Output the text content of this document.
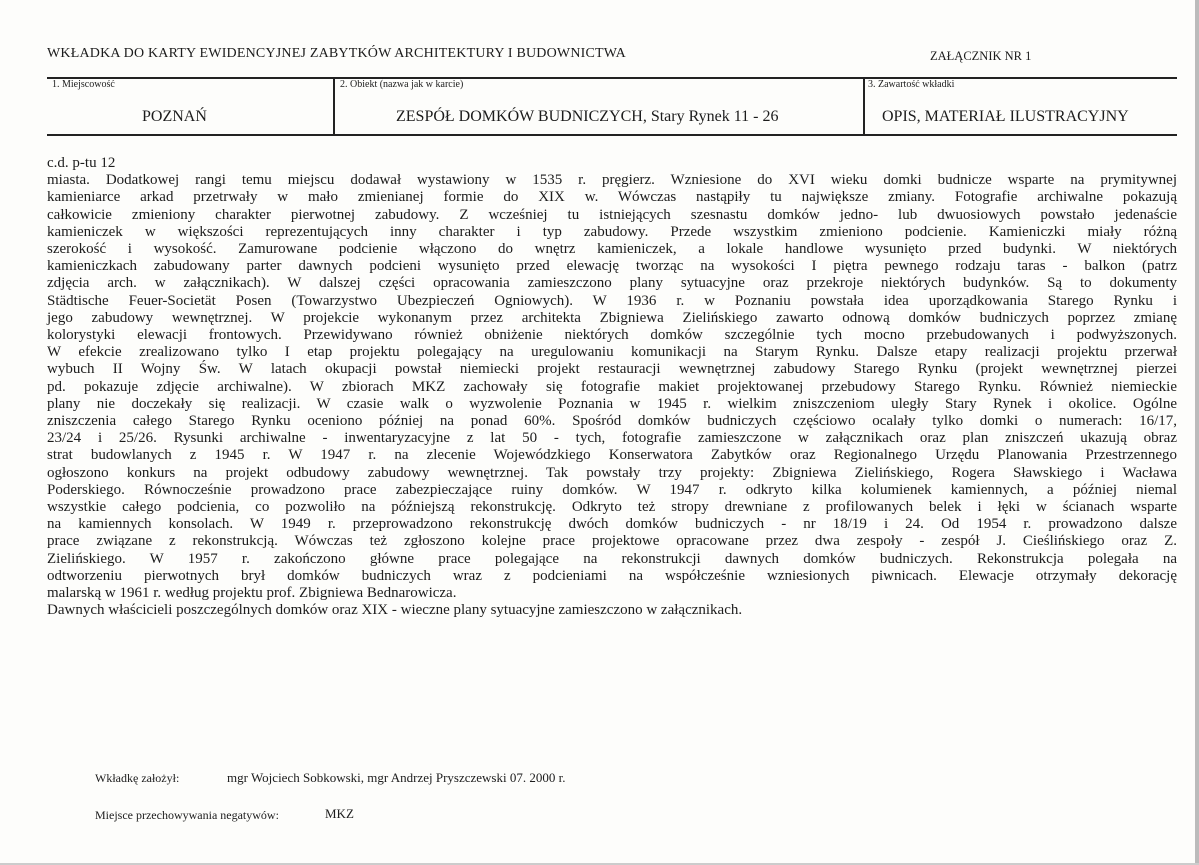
WKŁADKA DO KARTY EWIDENCYJNEJ ZABYTKÓW ARCHITEKTURY I BUDOWNICTWA	ZAŁĄCZNIK NR 1
1. Miejscowość
POZNAŃ
2. Obiekt (nazwa jak w karcie)
ZESPÓŁ DOMKÓW BUDNICZYCH, Stary Rynek 11 - 26
3. Zawartość wkładki
OPIS, MATERIAŁ ILUSTRACYJNY
c.d. p-tu 12
miasta. Dodatkowej rangi temu miejscu dodawał wystawiony w 1535 r. pręgierz. Wzniesione do XVI wieku domki budnicze wsparte na prymitywnej
kamieniarce arkad przetrwały w mało zmienianej formie do XIX w. Wówczas nastąpiły tu największe zmiany. Fotografie archiwalne pokazują
całkowicie zmieniony charakter pierwotnej zabudowy. Z wcześniej tu istniejących szesnastu domków jedno- lub dwuosiowych powstało jedenaście
kamieniczek w większości reprezentujących inny charakter i typ zabudowy. Przede wszystkim zmieniono podcienie. Kamieniczki miały różną
szerokość i wysokość. Zamurowane podcienie włączono do wnętrz kamieniczek, a lokale handlowe wysunięto przed budynki. W niektórych
kamieniczkach zabudowany parter dawnych podcieni wysunięto przed elewację tworząc na wysokości I piętra pewnego rodzaju taras - balkon (patrz
zdjęcia arch. w załącznikach). W dalszej części opracowania zamieszczono plany sytuacyjne oraz przekroje niektórych budynków. Są to dokumenty
Städtische Feuer-Societät Posen (Towarzystwo Ubezpieczeń Ogniowych). W 1936 r. w Poznaniu powstała idea uporządkowania Starego Rynku i
jego zabudowy wewnętrznej. W projekcie wykonanym przez architekta Zbigniewa Zielińskiego zawarto odnową domków budniczych poprzez zmianę
kolorystyki elewacji frontowych. Przewidywano również obniżenie niektórych domków szczególnie tych mocno przebudowanych i podwyższonych.
W efekcie zrealizowano tylko I etap projektu polegający na uregulowaniu komunikacji na Starym Rynku. Dalsze etapy realizacji projektu przerwał
wybuch II Wojny Św. W latach okupacji powstał niemiecki projekt restauracji wewnętrznej zabudowy Starego Rynku (projekt wewnętrznej pierzei
pd. pokazuje zdjęcie archiwalne). W zbiorach MKZ zachowały się fotografie makiet projektowanej przebudowy Starego Rynku. Również niemieckie
plany nie doczekały się realizacji. W czasie walk o wyzwolenie Poznania w 1945 r. wielkim zniszczeniom uległy Stary Rynek i okolice. Ogólne
zniszczenia całego Starego Rynku oceniono później na ponad 60%. Spośród domków budniczych częściowo ocalały tylko domki o numerach: 16/17,
23/24 i 25/26. Rysunki archiwalne - inwentaryzacyjne z lat 50 - tych, fotografie zamieszczone w załącznikach oraz plan zniszczeń ukazują obraz
strat budowlanych z 1945 r. W 1947 r. na zlecenie Wojewódzkiego Konserwatora Zabytków oraz Regionalnego Urzędu Planowania Przestrzennego
ogłoszono konkurs na projekt odbudowy zabudowy wewnętrznej. Tak powstały trzy projekty: Zbigniewa Zielińskiego, Rogera Sławskiego i Wacława
Poderskiego. Równocześnie prowadzono prace zabezpieczające ruiny domków. W 1947 r. odkryto kilka kolumienek kamiennych, a później niemal
wszystkie całego podcienia, co pozwoliło na późniejszą rekonstrukcję. Odkryto też stropy drewniane z profilowanych belek i łęki w ścianach wsparte
na kamiennych konsolach. W 1949 r. przeprowadzono rekonstrukcję dwóch domków budniczych - nr 18/19 i 24. Od 1954 r. prowadzono dalsze
prace związane z rekonstrukcją. Wówczas też zgłoszono kolejne prace projektowe opracowane przez dwa zespoły - zespół J. Cieślińskiego oraz Z.
Zielińskiego. W 1957 r. zakończono główne prace polegające na rekonstrukcji dawnych domków budniczych. Rekonstrukcja polegała na
odtworzeniu pierwotnych brył domków budniczych wraz z podcieniami na współcześnie wzniesionych piwnicach. Elewacje otrzymały dekorację
malarską w 1961 r. według projektu prof. Zbigniewa Bednarowicza.
Dawnych właścicieli poszczególnych domków oraz XIX - wieczne plany sytuacyjne zamieszczono w załącznikach.
Wkładkę założył:	mgr Wojciech Sobkowski, mgr Andrzej Pryszczewski 07. 2000 r.
Miejsce przechowywania negatywów:	MKZ
